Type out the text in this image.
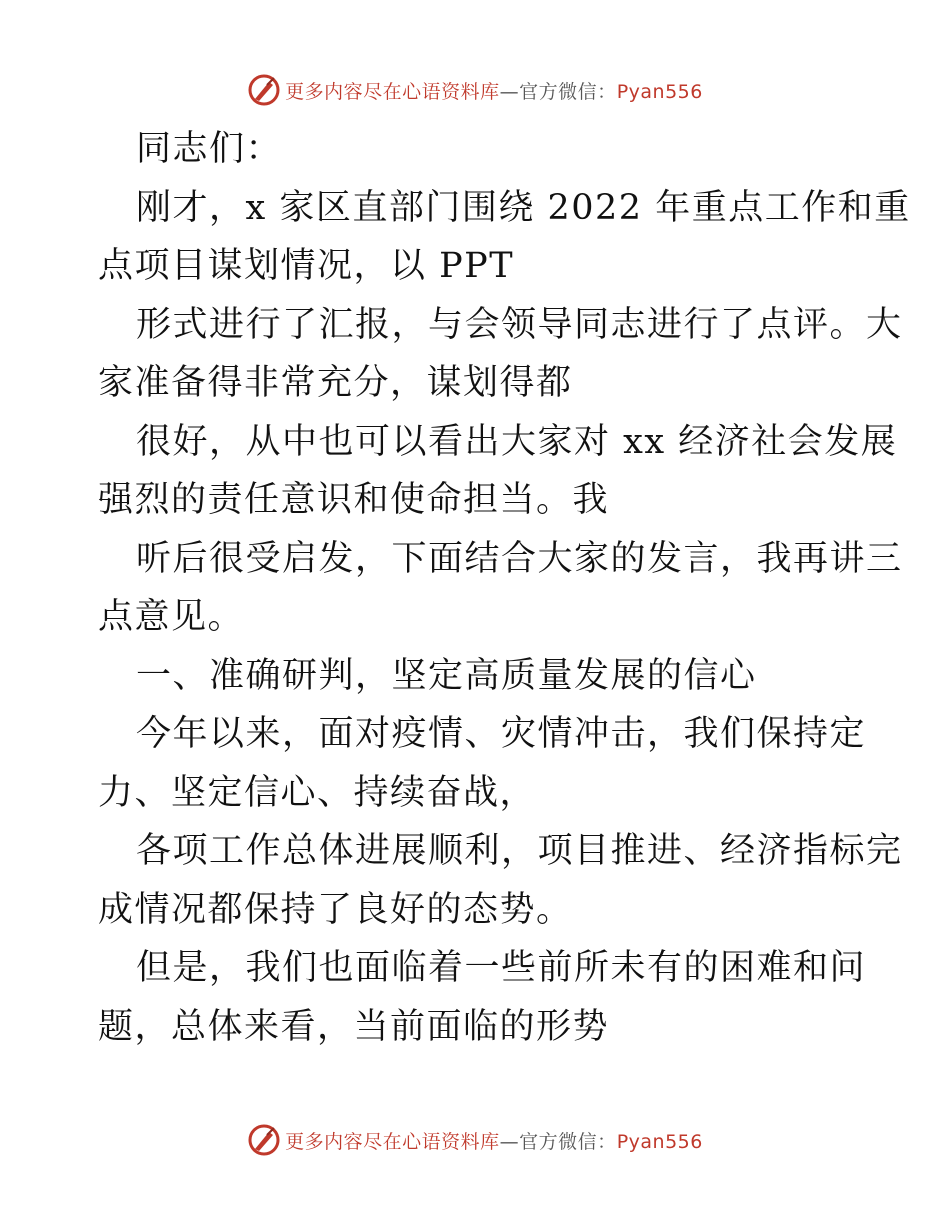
更多内容尽在心语资料库—官方微信：Pyan556

同志们：

刚才，x 家区直部门围绕 2022 年重点工作和重

点项目谋划情况，以 PPT

形式进行了汇报，与会领导同志进行了点评。大

家准备得非常充分，谋划得都

很好，从中也可以看出大家对 xx 经济社会发展

强烈的责任意识和使命担当。我

听后很受启发，下面结合大家的发言，我再讲三

点意见。

一、准确研判，坚定高质量发展的信心

今年以来，面对疫情、灾情冲击，我们保持定

力、坚定信心、持续奋战，

各项工作总体进展顺利，项目推进、经济指标完

成情况都保持了良好的态势。

但是，我们也面临着一些前所未有的困难和问

题，总体来看，当前面临的形势

更多内容尽在心语资料库—官方微信：Pyan556
